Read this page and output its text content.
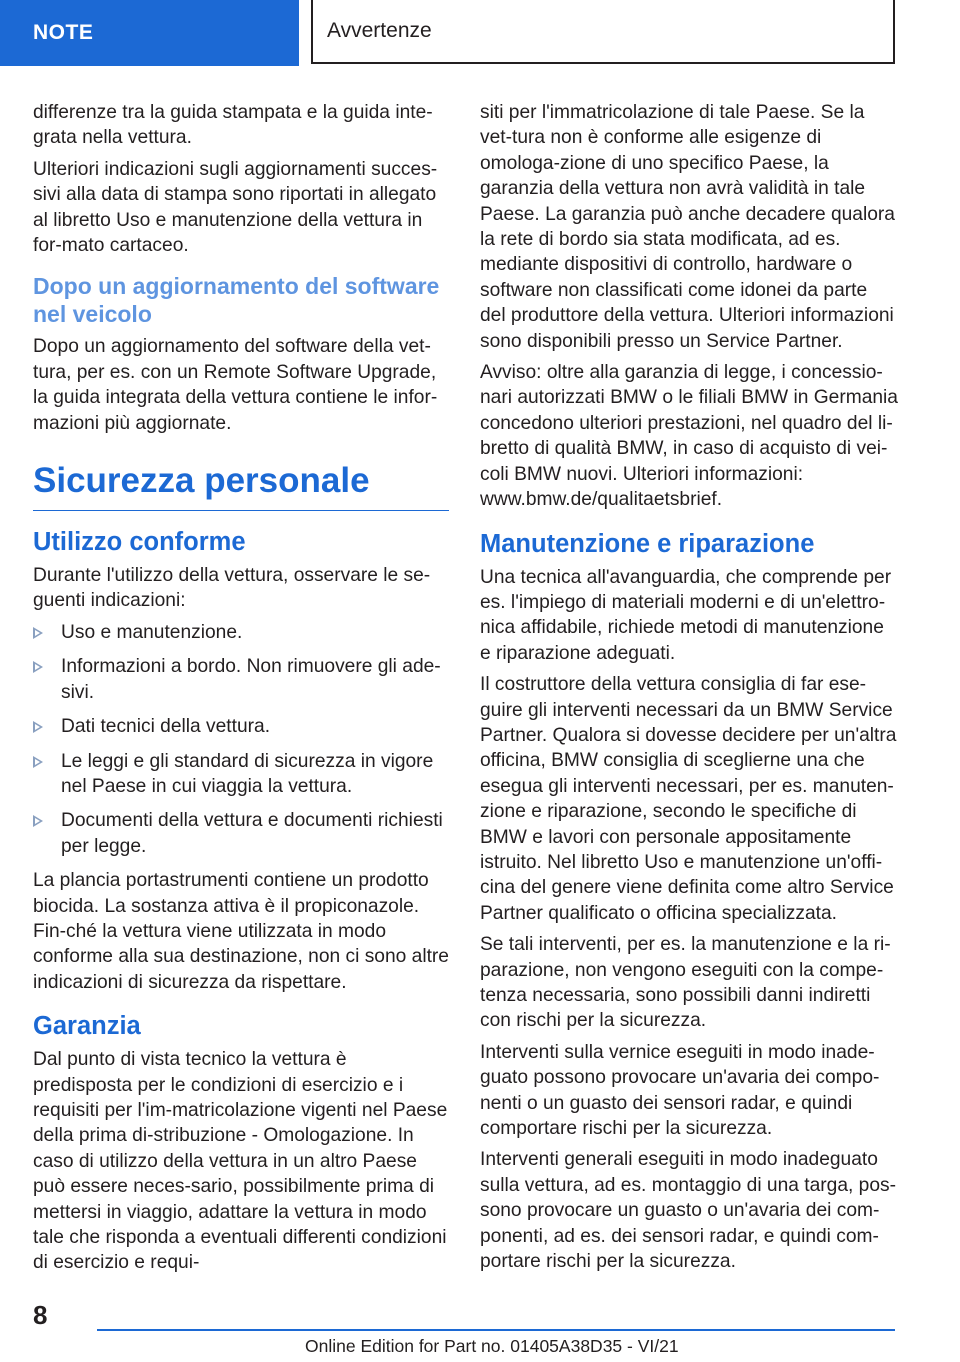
NOTE	Avvertenze

differenze tra la guida stampata e la guida inte-grata nella vettura.

Ulteriori indicazioni sugli aggiornamenti succes-sivi alla data di stampa sono riportati in allegato al libretto Uso e manutenzione della vettura in for-mato cartaceo.

Dopo un aggiornamento del software nel veicolo

Dopo un aggiornamento del software della vet-tura, per es. con un Remote Software Upgrade, la guida integrata della vettura contiene le infor-mazioni più aggiornate.

Sicurezza personale
Utilizzo conforme

Durante l'utilizzo della vettura, osservare le se-guenti indicazioni:

Uso e manutenzione.
Informazioni a bordo. Non rimuovere gli ade-sivi.
Dati tecnici della vettura.
Le leggi e gli standard di sicurezza in vigore nel Paese in cui viaggia la vettura.
Documenti della vettura e documenti richiesti per legge.

La plancia portastrumenti contiene un prodotto biocida. La sostanza attiva è il propiconazole. Fin-ché la vettura viene utilizzata in modo conforme alla sua destinazione, non ci sono altre indicazioni di sicurezza da rispettare.

Garanzia

Dal punto di vista tecnico la vettura è predisposta per le condizioni di esercizio e i requisiti per l'im-matricolazione vigenti nel Paese della prima di-stribuzione - Omologazione. In caso di utilizzo della vettura in un altro Paese può essere neces-sario, possibilmente prima di mettersi in viaggio, adattare la vettura in modo tale che risponda a eventuali differenti condizioni di esercizio e requi-

siti per l'immatricolazione di tale Paese. Se la vet-tura non è conforme alle esigenze di omologa-zione di uno specifico Paese, la garanzia della vettura non avrà validità in tale Paese. La garanzia può anche decadere qualora la rete di bordo sia stata modificata, ad es. mediante dispositivi di controllo, hardware o software non classificati come idonei da parte del produttore della vettura. Ulteriori informazioni sono disponibili presso un Service Partner.

Avviso: oltre alla garanzia di legge, i concessio-nari autorizzati BMW o le filiali BMW in Germania concedono ulteriori prestazioni, nel quadro del li-bretto di qualità BMW, in caso di acquisto di vei-coli BMW nuovi. Ulteriori informazioni: www.bmw.de/qualitaetsbrief.

Manutenzione e riparazione

Una tecnica all'avanguardia, che comprende per es. l'impiego di materiali moderni e di un'elettro-nica affidabile, richiede metodi di manutenzione e riparazione adeguati.

Il costruttore della vettura consiglia di far ese-guire gli interventi necessari da un BMW Service Partner. Qualora si dovesse decidere per un'altra officina, BMW consiglia di sceglierne una che esegua gli interventi necessari, per es. manuten-zione e riparazione, secondo le specifiche di BMW e lavori con personale appositamente istruito. Nel libretto Uso e manutenzione un'offi-cina del genere viene definita come altro Service Partner qualificato o officina specializzata.

Se tali interventi, per es. la manutenzione e la ri-parazione, non vengono eseguiti con la compe-tenza necessaria, sono possibili danni indiretti con rischi per la sicurezza.

Interventi sulla vernice eseguiti in modo inade-guato possono provocare un'avaria dei compo-nenti o un guasto dei sensori radar, e quindi comportare rischi per la sicurezza.

Interventi generali eseguiti in modo inadeguato sulla vettura, ad es. montaggio di una targa, pos-sono provocare un guasto o un'avaria dei com-ponenti, ad es. dei sensori radar, e quindi com-portare rischi per la sicurezza.

8
Online Edition for Part no. 01405A38D35 - VI/21
